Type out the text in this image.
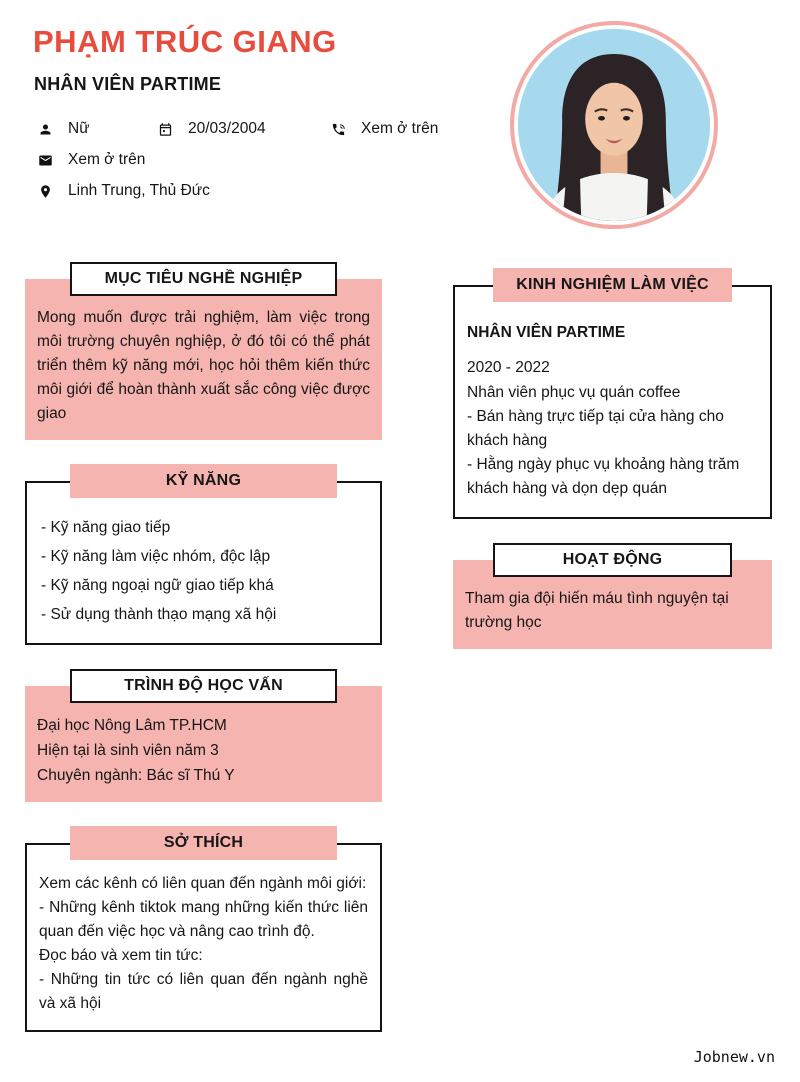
PHẠM TRÚC GIANG
NHÂN VIÊN PARTIME
Nữ	20/03/2004	Xem ở trên
Xem ở trên
Linh Trung, Thủ Đức
MỤC TIÊU NGHỀ NGHIỆP
Mong muốn được trải nghiệm, làm việc trong môi trường chuyên nghiệp, ở đó tôi có thể phát triển thêm kỹ năng mới, học hỏi thêm kiến thức môi giới để hoàn thành xuất sắc công việc được giao
KỸ NĂNG
- Kỹ năng giao tiếp
- Kỹ năng làm việc nhóm, độc lập
- Kỹ năng ngoại ngữ giao tiếp khá
- Sử dụng thành thạo mạng xã hội
TRÌNH ĐỘ HỌC VẤN
Đại học Nông Lâm TP.HCM
Hiện tại là sinh viên năm 3
Chuyên ngành: Bác sĩ Thú Y
SỞ THÍCH

Xem các kênh có liên quan đến ngành môi giới:

- Những kênh tiktok mang những kiến thức liên quan đến việc học và nâng cao trình độ.

Đọc báo và xem tin tức:

- Những tin tức có liên quan đến ngành nghề và xã hội

KINH NGHIỆM LÀM VIỆC
NHÂN VIÊN PARTIME
2020 - 2022
Nhân viên phục vụ quán coffee
- Bán hàng trực tiếp tại cửa hàng cho khách hàng
- Hằng ngày phục vụ khoảng hàng trăm khách hàng và dọn dẹp quán
HOẠT ĐỘNG
Tham gia đội hiến máu tình nguyện tại trường học
Jobnew.vn
